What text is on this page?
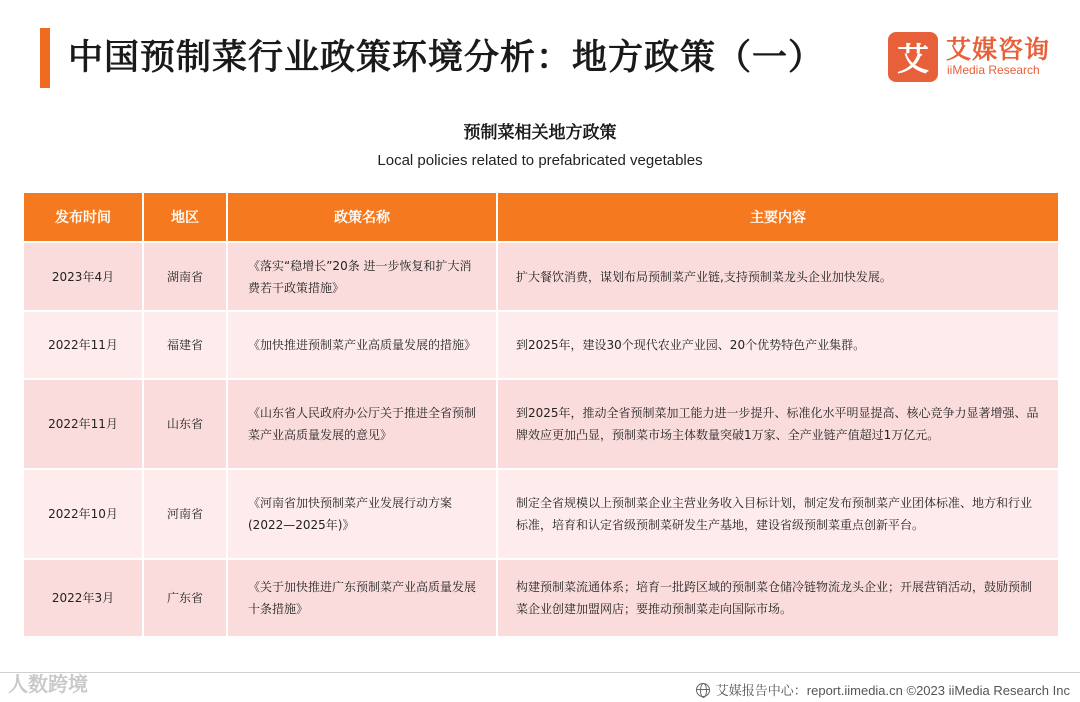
中国预制菜行业政策环境分析：地方政策（一） 艾 艾媒咨询
iiMedia Research
预制菜相关地方政策
Local policies related to prefabricated vegetables
发布时间	地区	政策名称	主要内容
2023年4月	湖南省	《落实“稳增长”20条 进一步恢复和扩大消费若干政策措施》	扩大餐饮消费，谋划布局预制菜产业链,支持预制菜龙头企业加快发展。
2022年11月	福建省	《加快推进预制菜产业高质量发展的措施》	到2025年，建设30个现代农业产业园、20个优势特色产业集群。
2022年11月	山东省	《山东省人民政府办公厅关于推进全省预制菜产业高质量发展的意见》	到2025年，推动全省预制菜加工能力进一步提升、标准化水平明显提高、核心竞争力显著增强、品牌效应更加凸显，预制菜市场主体数量突破1万家、全产业链产值超过1万亿元。
2022年10月	河南省	《河南省加快预制菜产业发展行动方案(2022—2025年)》	制定全省规模以上预制菜企业主营业务收入目标计划，制定发布预制菜产业团体标准、地方和行业标准，培育和认定省级预制菜研发生产基地，建设省级预制菜重点创新平台。
2022年3月	广东省	《关于加快推进广东预制菜产业高质量发展十条措施》	构建预制菜流通体系；培育一批跨区域的预制菜仓储冷链物流龙头企业；开展营销活动，鼓励预制菜企业创建加盟网店；要推动预制菜走向国际市场。
人数跨境	艾媒报告中心：report.iimedia.cn ©2023 iiMedia Research Inc
